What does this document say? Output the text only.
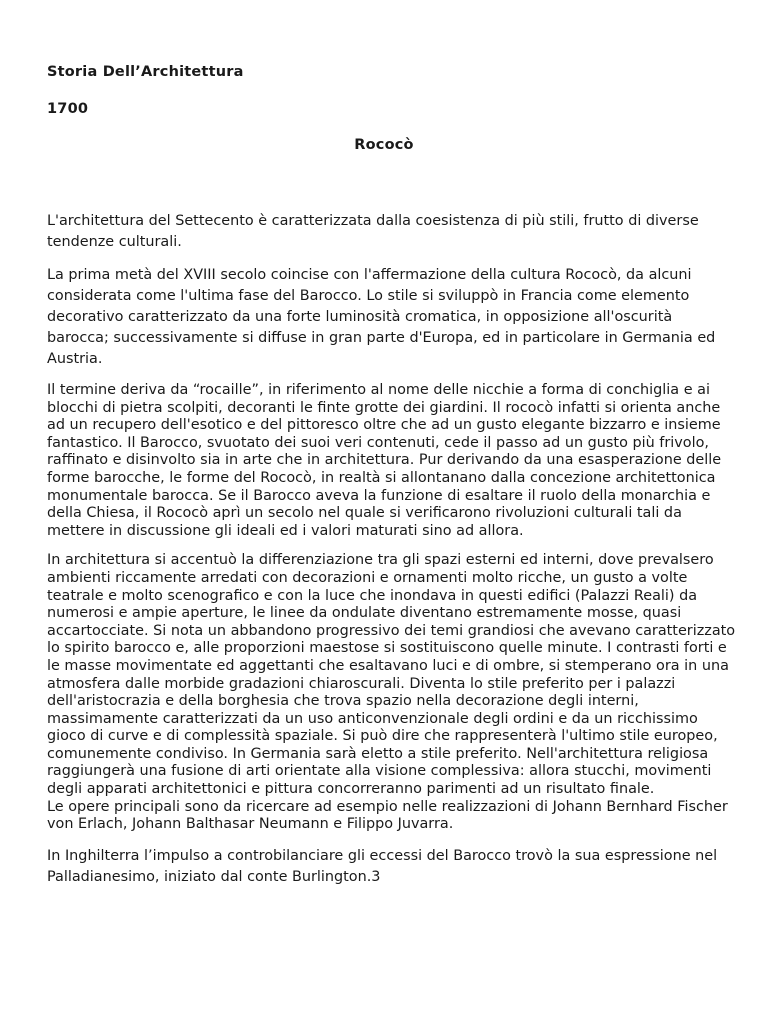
Storia Dell’Architettura
1700
Rococò

L'architettura del Settecento è caratterizzata dalla coesistenza di più stili, frutto di diverse tendenze culturali.

La prima metà del XVIII secolo coincise con l'affermazione della cultura Rococò, da alcuni considerata come l'ultima fase del Barocco. Lo stile si sviluppò in Francia come elemento decorativo caratterizzato da una forte luminosità cromatica, in opposizione all'oscurità barocca; successivamente si diffuse in gran parte d'Europa, ed in particolare in Germania ed Austria.

Il termine deriva da “rocaille”, in riferimento al nome delle nicchie a forma di conchiglia e ai blocchi di pietra scolpiti, decoranti le finte grotte dei giardini. Il rococò infatti si orienta anche ad un recupero dell'esotico e del pittoresco oltre che ad un gusto elegante bizzarro e insieme fantastico. Il Barocco, svuotato dei suoi veri contenuti, cede il passo ad un gusto più frivolo, raffinato e disinvolto sia in arte che in architettura. Pur derivando da una esasperazione delle forme barocche, le forme del Rococò, in realtà si allontanano dalla concezione architettonica monumentale barocca. Se il Barocco aveva la funzione di esaltare il ruolo della monarchia e della Chiesa, il Rococò aprì un secolo nel quale si verificarono rivoluzioni culturali tali da mettere in discussione gli ideali ed i valori maturati sino ad allora.

In architettura si accentuò la differenziazione tra gli spazi esterni ed interni, dove prevalsero ambienti riccamente arredati con decorazioni e ornamenti molto ricche, un gusto a volte teatrale e molto scenografico e con la luce che inondava in questi edifici (Palazzi Reali) da numerosi e ampie aperture, le linee da ondulate diventano estremamente mosse, quasi accartocciate. Si nota un abbandono progressivo dei temi grandiosi che avevano caratterizzato lo spirito barocco e, alle proporzioni maestose si sostituiscono quelle minute. I contrasti forti e le masse movimentate ed aggettanti che esaltavano luci e di ombre, si stemperano ora in una atmosfera dalle morbide gradazioni chiaroscurali. Diventa lo stile preferito per i palazzi dell'aristocrazia e della borghesia che trova spazio nella decorazione degli interni, massimamente caratterizzati da un uso anticonvenzionale degli ordini e da un ricchissimo gioco di curve e di complessità spaziale. Si può dire che rappresenterà l'ultimo stile europeo, comunemente condiviso. In Germania sarà eletto a stile preferito. Nell'architettura religiosa raggiungerà una fusione di arti orientate alla visione complessiva: allora stucchi, movimenti degli apparati architettonici e pittura concorreranno parimenti ad un risultato finale.

Le opere principali sono da ricercare ad esempio nelle realizzazioni di Johann Bernhard Fischer von Erlach, Johann Balthasar Neumann e Filippo Juvarra.

In Inghilterra l’impulso a controbilanciare gli eccessi del Barocco trovò la sua espressione nel Palladianesimo, iniziato dal conte Burlington.3
